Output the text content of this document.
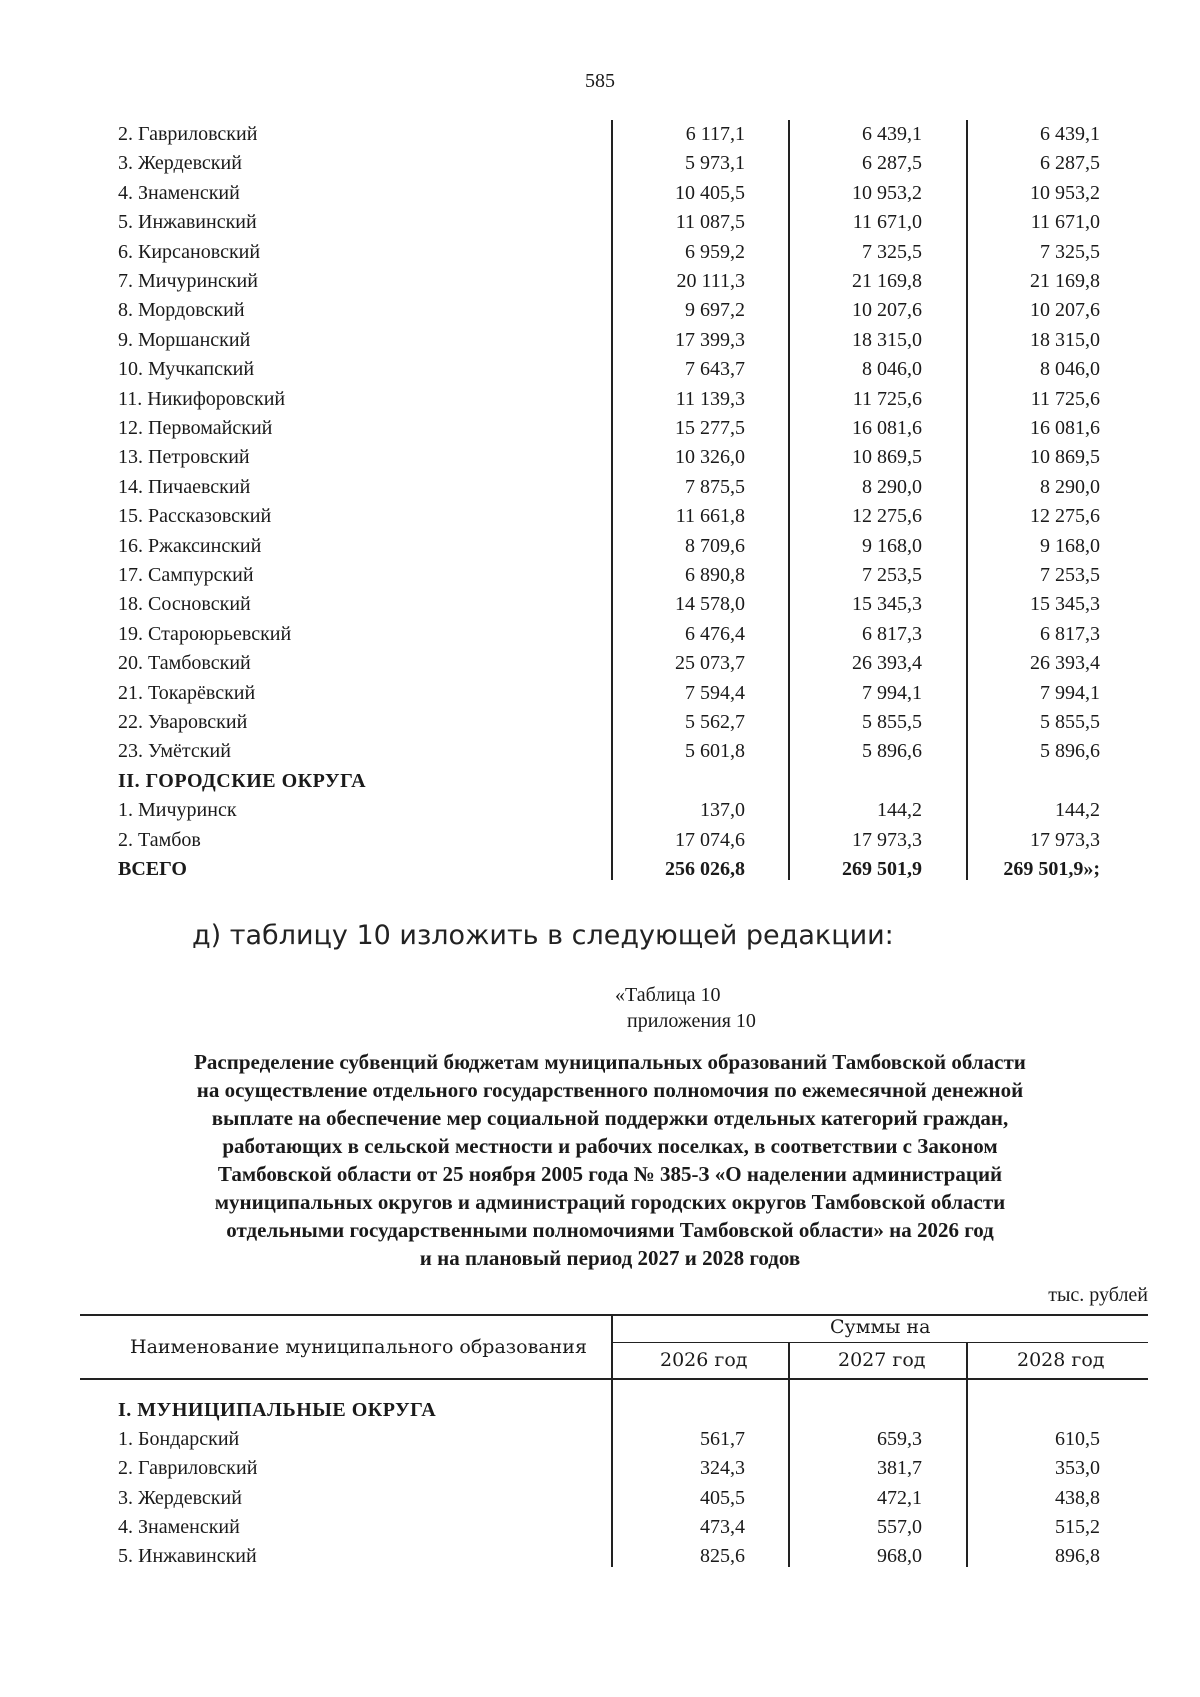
585
2. Гавриловский	6 117,1	6 439,1	6 439,1
3. Жердевский	5 973,1	6 287,5	6 287,5
4. Знаменский	10 405,5	10 953,2	10 953,2
5. Инжавинский	11 087,5	11 671,0	11 671,0
6. Кирсановский	6 959,2	7 325,5	7 325,5
7. Мичуринский	20 111,3	21 169,8	21 169,8
8. Мордовский	9 697,2	10 207,6	10 207,6
9. Моршанский	17 399,3	18 315,0	18 315,0
10. Мучкапский	7 643,7	8 046,0	8 046,0
11. Никифоровский	11 139,3	11 725,6	11 725,6
12. Первомайский	15 277,5	16 081,6	16 081,6
13. Петровский	10 326,0	10 869,5	10 869,5
14. Пичаевский	7 875,5	8 290,0	8 290,0
15. Рассказовский	11 661,8	12 275,6	12 275,6
16. Ржаксинский	8 709,6	9 168,0	9 168,0
17. Сампурский	6 890,8	7 253,5	7 253,5
18. Сосновский	14 578,0	15 345,3	15 345,3
19. Староюрьевский	6 476,4	6 817,3	6 817,3
20. Тамбовский	25 073,7	26 393,4	26 393,4
21. Токарёвский	7 594,4	7 994,1	7 994,1
22. Уваровский	5 562,7	5 855,5	5 855,5
23. Умётский	5 601,8	5 896,6	5 896,6
II. ГОРОДСКИЕ ОКРУГА
1. Мичуринск	137,0	144,2	144,2
2. Тамбов	17 074,6	17 973,3	17 973,3
ВСЕГО	256 026,8	269 501,9	269 501,9»;
д) таблицу 10 изложить в следующей редакции:
«Таблица 10
приложения 10
Распределение субвенций бюджетам муниципальных образований Тамбовской области
на осуществление отдельного государственного полномочия по ежемесячной денежной
выплате на обеспечение мер социальной поддержки отдельных категорий граждан,
работающих в сельской местности и рабочих поселках, в соответствии с Законом
Тамбовской области от 25 ноября 2005 года № 385-З «О наделении администраций
муниципальных округов и администраций городских округов Тамбовской области
отдельными государственными полномочиями Тамбовской области» на 2026 год
и на плановый период 2027 и 2028 годов
тыс. рублей
Наименование муниципального образования
Суммы на
2026 год	2027 год	2028 год
I. МУНИЦИПАЛЬНЫЕ ОКРУГА
1. Бондарский	561,7	659,3	610,5
2. Гавриловский	324,3	381,7	353,0
3. Жердевский	405,5	472,1	438,8
4. Знаменский	473,4	557,0	515,2
5. Инжавинский	825,6	968,0	896,8
